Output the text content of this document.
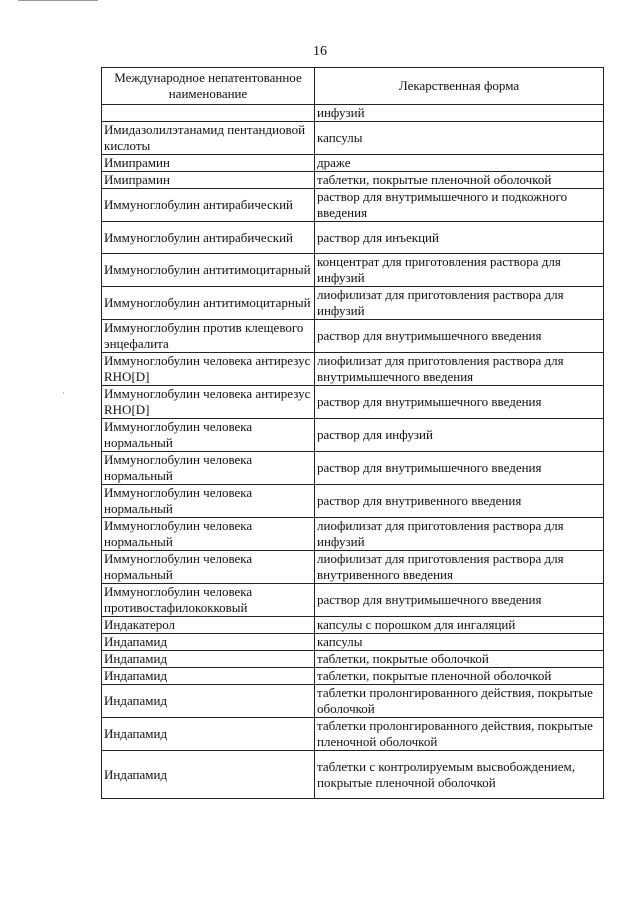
16
·
Международное непатентованное наименование	Лекарственная форма
	инфузий
Имидазолилэтанамид пентандиовой кислоты	капсулы
Имипрамин	драже
Имипрамин	таблетки, покрытые пленочной оболочкой
Иммуноглобулин антирабический	раствор для внутримышечного и подкожного введения
Иммуноглобулин антирабический	раствор для инъекций
Иммуноглобулин антитимоцитарный	концентрат для приготовления раствора для инфузий
Иммуноглобулин антитимоцитарный	лиофилизат для приготовления раствора для инфузий
Иммуноглобулин против клещевого энцефалита	раствор для внутримышечного введения
Иммуноглобулин человека антирезус RHO[D]	лиофилизат для приготовления раствора для внутримышечного введения
Иммуноглобулин человека антирезус RHO[D]	раствор для внутримышечного введения
Иммуноглобулин человека нормальный	раствор для инфузий
Иммуноглобулин человека нормальный	раствор для внутримышечного введения
Иммуноглобулин человека нормальный	раствор для внутривенного введения
Иммуноглобулин человека нормальный	лиофилизат для приготовления раствора для инфузий
Иммуноглобулин человека нормальный	лиофилизат для приготовления раствора для внутривенного введения
Иммуноглобулин человека противостафилококковый	раствор для внутримышечного введения
Индакатерол	капсулы с порошком для ингаляций
Индапамид	капсулы
Индапамид	таблетки, покрытые оболочкой
Индапамид	таблетки, покрытые пленочной оболочкой
Индапамид	таблетки пролонгированного действия, покрытые оболочкой
Индапамид	таблетки пролонгированного действия, покрытые пленочной оболочкой
Индапамид	таблетки с контролируемым высвобождением, покрытые пленочной оболочкой
